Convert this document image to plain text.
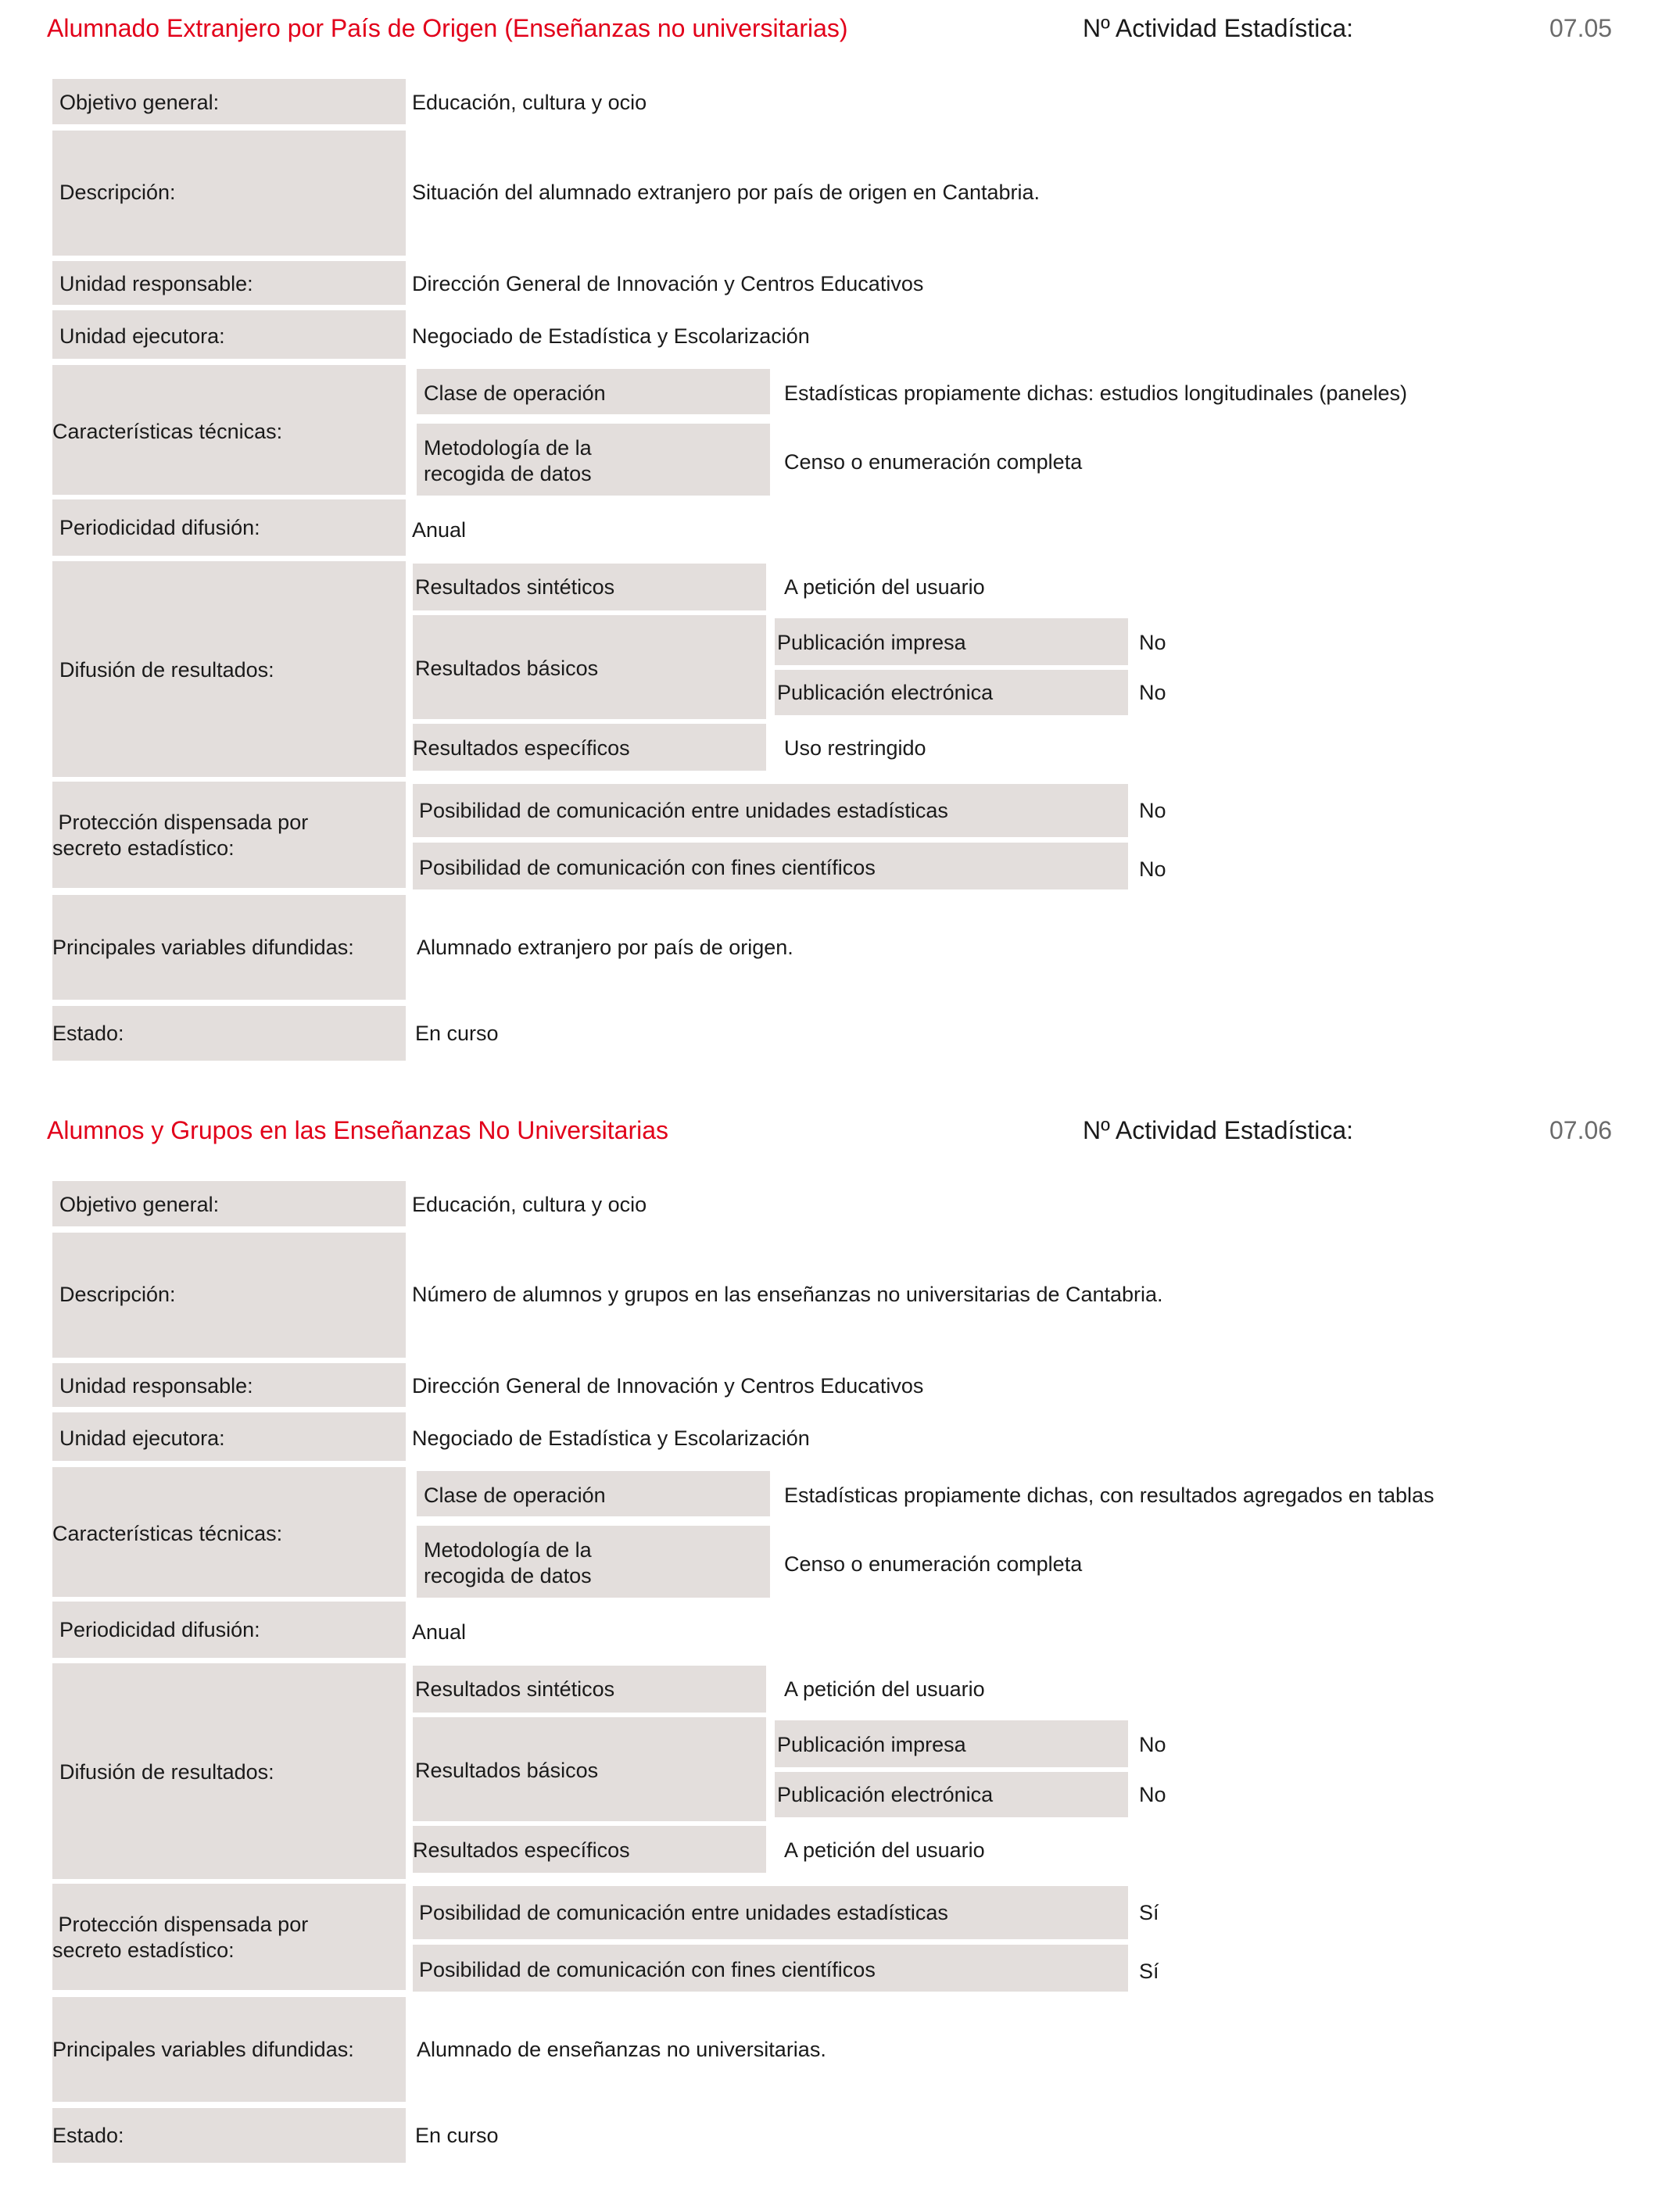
Alumnado Extranjero por País de Origen (Enseñanzas no universitarias)	Nº Actividad Estadística:	07.05
Objetivo general:	Educación, cultura y ocio
Descripción:	Situación del alumnado extranjero por país de origen en Cantabria.
Unidad responsable:	Dirección General de Innovación y Centros Educativos
Unidad ejecutora:	Negociado de Estadística y Escolarización
Características técnicas:
Clase de operación	Estadísticas propiamente dichas: estudios longitudinales (paneles)
Metodología de la
recogida de datos	Censo o enumeración completa
Periodicidad difusión:	Anual
Difusión de resultados:
Resultados sintéticos	A petición del usuario
Resultados básicos
Publicación impresa	No
Publicación electrónica	No
Resultados específicos	Uso restringido
Protección dispensada por
secreto estadístico:
Posibilidad de comunicación entre unidades estadísticas	No
Posibilidad de comunicación con fines científicos	No
Principales variables difundidas:	Alumnado extranjero por país de origen.
Estado:	En curso
Alumnos y Grupos en las Enseñanzas No Universitarias	Nº Actividad Estadística:	07.06
Objetivo general:	Educación, cultura y ocio
Descripción:	Número de alumnos y grupos en las enseñanzas no universitarias de Cantabria.
Unidad responsable:	Dirección General de Innovación y Centros Educativos
Unidad ejecutora:	Negociado de Estadística y Escolarización
Características técnicas:
Clase de operación	Estadísticas propiamente dichas, con resultados agregados en tablas
Metodología de la
recogida de datos	Censo o enumeración completa
Periodicidad difusión:	Anual
Difusión de resultados:
Resultados sintéticos	A petición del usuario
Resultados básicos
Publicación impresa	No
Publicación electrónica	No
Resultados específicos	A petición del usuario
Protección dispensada por
secreto estadístico:
Posibilidad de comunicación entre unidades estadísticas	Sí
Posibilidad de comunicación con fines científicos	Sí
Principales variables difundidas:	Alumnado de enseñanzas no universitarias.
Estado:	En curso
